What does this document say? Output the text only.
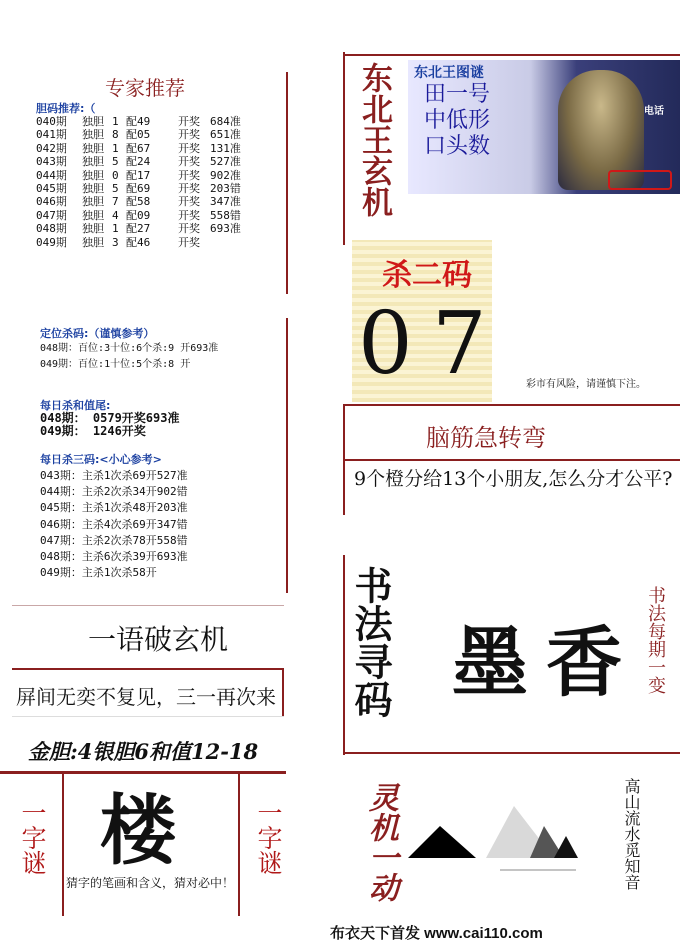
专家推荐
胆码推荐:（
040期 独胆 1 配49	开奖 684准
041期 独胆 8 配05	开奖 651准
042期 独胆 1 配67	开奖 131准
043期 独胆 5 配24	开奖 527准
044期 独胆 0 配17	开奖 902准
045期 独胆 5 配69	开奖 203错
046期 独胆 7 配58	开奖 347准
047期 独胆 4 配09	开奖 558错
048期 独胆 1 配27	开奖 693准
049期 独胆 3 配46	开奖
定位杀码:（谨慎参考）
048期：百位:3十位:6个杀:9 开693准
049期：百位:1十位:5个杀:8 开
每日杀和值尾:
048期： 0579开奖693准
049期： 1246开奖
每日杀三码:<小心参考>
043期：主杀1次杀69开527准
044期：主杀2次杀34开902错
045期：主杀1次杀48开203准
046期：主杀4次杀69开347错
047期：主杀2次杀78开558错
048期：主杀6次杀39开693准
049期：主杀1次杀58开
一语破玄机
屏间无奕不复见，三一再次来
金胆:4银胆6和值12-18
一字谜 楼
猜字的笔画和含义，猜对必中！
一字谜
东北王玄机	东北王图谜
田一号
中低形
口头数
电话
杀二码
0 7	彩市有风险，请谨慎下注。
脑筋急转弯
9个橙分给13个小朋友,怎么分才公平?
书法寻码 墨香 书法每期一变
灵机一动	高山流水觅知音
布衣天下首发 www.cai110.com
